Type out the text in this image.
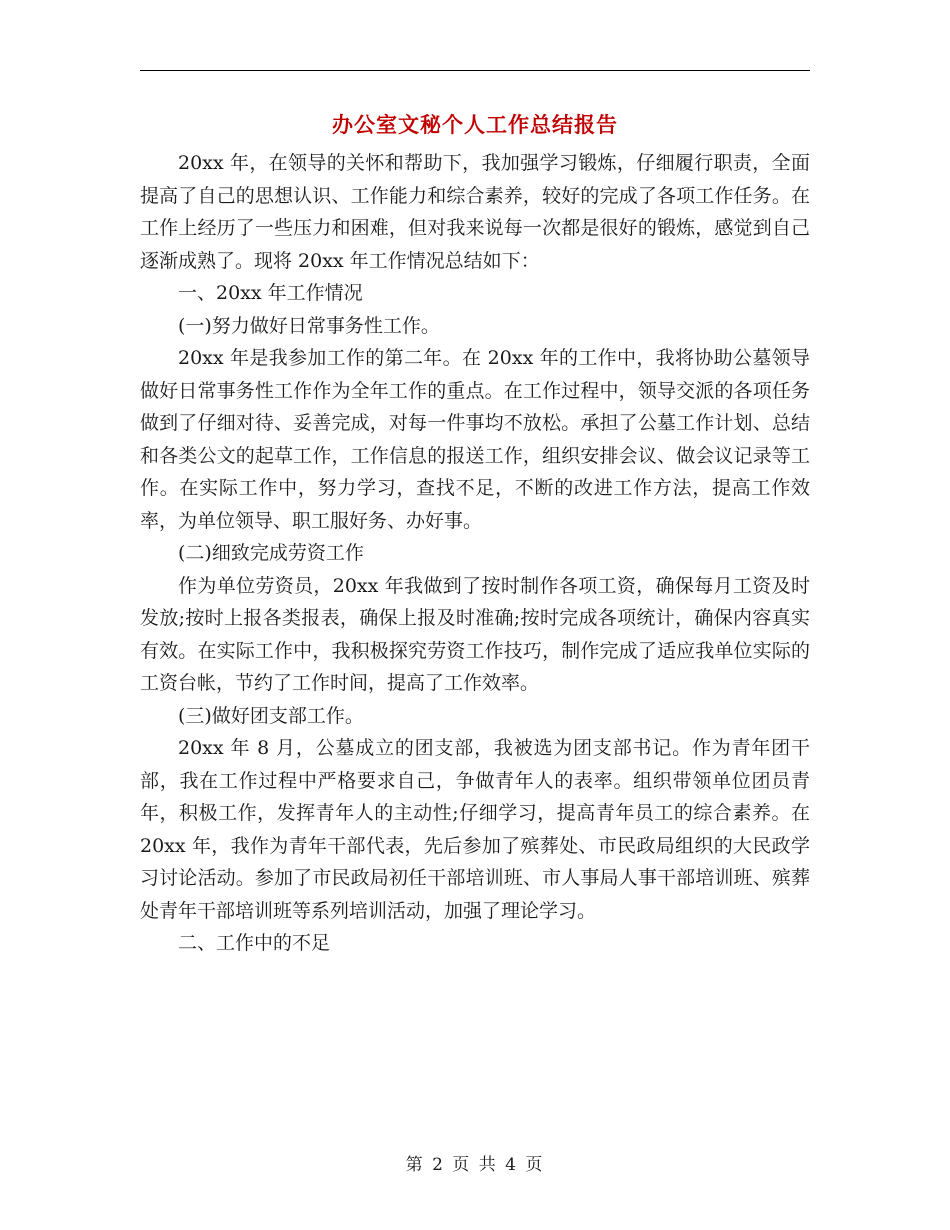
办公室文秘个人工作总结报告

20xx 年，在领导的关怀和帮助下，我加强学习锻炼，仔细履行职责，全面提高了自己的思想认识、工作能力和综合素养，较好的完成了各项工作任务。在工作上经历了一些压力和困难，但对我来说每一次都是很好的锻炼，感觉到自己逐渐成熟了。现将 20xx 年工作情况总结如下：

一、20xx 年工作情况

(一)努力做好日常事务性工作。

20xx 年是我参加工作的第二年。在 20xx 年的工作中，我将协助公墓领导做好日常事务性工作作为全年工作的重点。在工作过程中，领导交派的各项任务做到了仔细对待、妥善完成，对每一件事均不放松。承担了公墓工作计划、总结和各类公文的起草工作，工作信息的报送工作，组织安排会议、做会议记录等工作。在实际工作中，努力学习，查找不足，不断的改进工作方法，提高工作效率，为单位领导、职工服好务、办好事。

(二)细致完成劳资工作

作为单位劳资员，20xx 年我做到了按时制作各项工资，确保每月工资及时发放;按时上报各类报表，确保上报及时准确;按时完成各项统计，确保内容真实有效。在实际工作中，我积极探究劳资工作技巧，制作完成了适应我单位实际的工资台帐，节约了工作时间，提高了工作效率。

(三)做好团支部工作。

20xx 年 8 月，公墓成立的团支部，我被选为团支部书记。作为青年团干部，我在工作过程中严格要求自己，争做青年人的表率。组织带领单位团员青年，积极工作，发挥青年人的主动性;仔细学习，提高青年员工的综合素养。在 20xx 年，我作为青年干部代表，先后参加了殡葬处、市民政局组织的大民政学习讨论活动。参加了市民政局初任干部培训班、市人事局人事干部培训班、殡葬处青年干部培训班等系列培训活动，加强了理论学习。

二、工作中的不足

第 2 页 共 4 页
